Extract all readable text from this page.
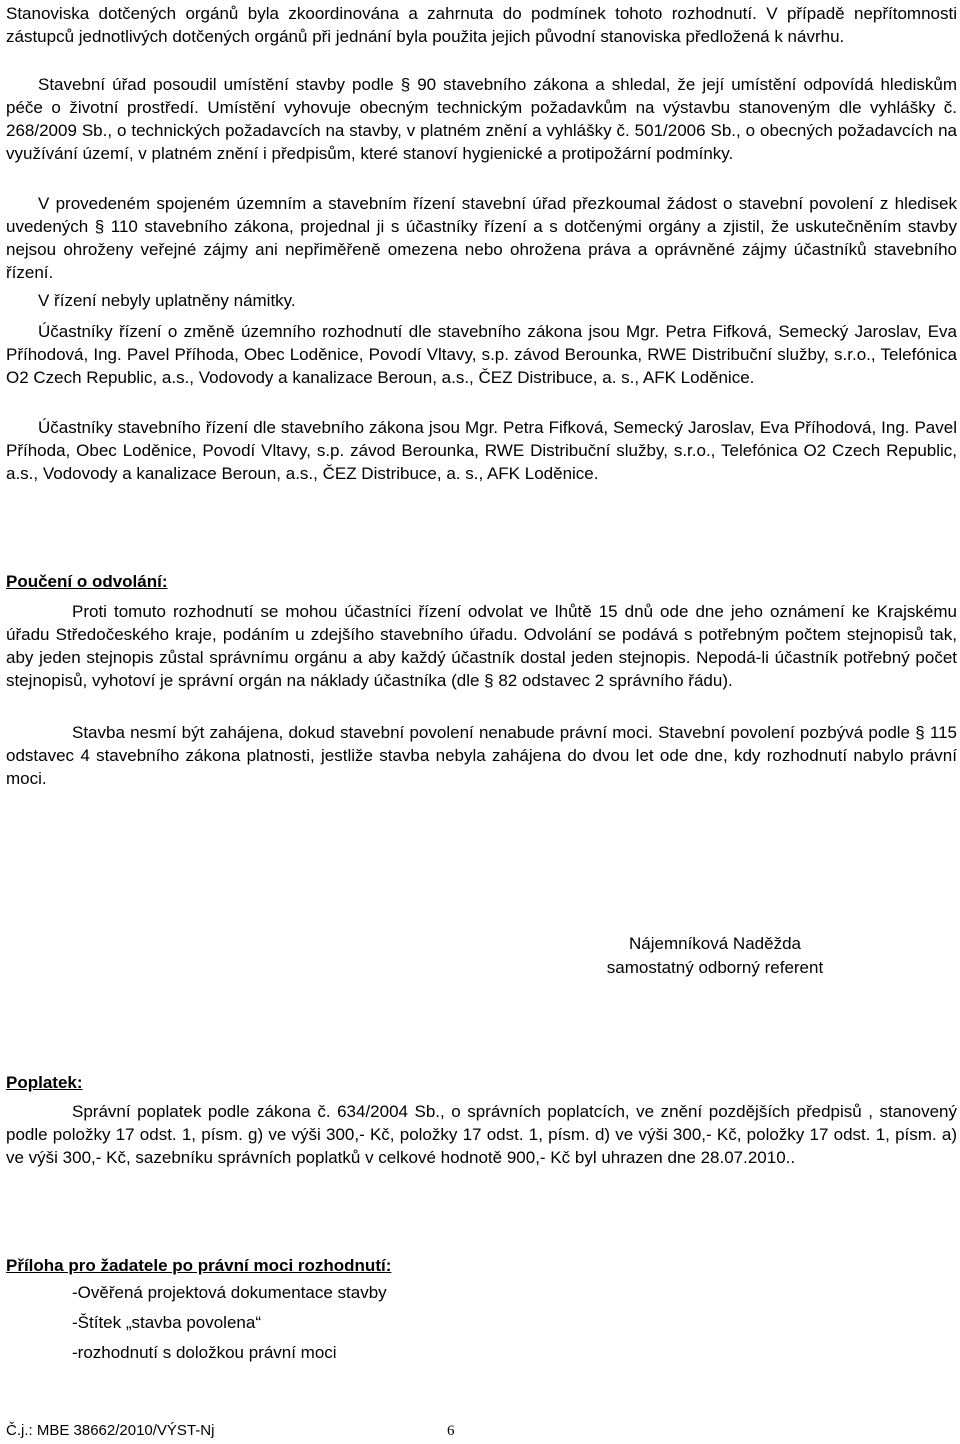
Stanoviska dotčených orgánů byla zkoordinována a zahrnuta do podmínek tohoto rozhodnutí. V případě nepřítomnosti zástupců jednotlivých dotčených orgánů při jednání byla použita jejich původní stanoviska předložená k návrhu.

Stavební úřad posoudil umístění stavby podle § 90 stavebního zákona a shledal, že její umístění odpovídá hlediskům péče o životní prostředí. Umístění vyhovuje obecným technickým požadavkům na výstavbu stanoveným dle vyhlášky č. 268/2009 Sb., o technických požadavcích na stavby, v platném znění a vyhlášky č. 501/2006 Sb., o obecných požadavcích na využívání území, v platném znění i předpisům, které stanoví hygienické a protipožární podmínky.

V provedeném spojeném územním a stavebním řízení stavební úřad přezkoumal žádost o stavební povolení z hledisek uvedených § 110 stavebního zákona, projednal ji s účastníky řízení a s dotčenými orgány a zjistil, že uskutečněním stavby nejsou ohroženy veřejné zájmy ani nepřiměřeně omezena nebo ohrožena práva a oprávněné zájmy účastníků stavebního řízení.

V řízení nebyly uplatněny námitky.

Účastníky řízení o změně územního rozhodnutí dle stavebního zákona jsou Mgr. Petra Fifková, Semecký Jaroslav, Eva Příhodová, Ing. Pavel Příhoda, Obec Loděnice, Povodí Vltavy, s.p. závod Berounka, RWE Distribuční služby, s.r.o., Telefónica O2 Czech Republic, a.s., Vodovody a kanalizace Beroun, a.s., ČEZ Distribuce, a. s., AFK Loděnice.

Účastníky stavebního řízení dle stavebního zákona jsou Mgr. Petra Fifková, Semecký Jaroslav, Eva Příhodová, Ing. Pavel Příhoda, Obec Loděnice, Povodí Vltavy, s.p. závod Berounka, RWE Distribuční služby, s.r.o., Telefónica O2 Czech Republic, a.s., Vodovody a kanalizace Beroun, a.s., ČEZ Distribuce, a. s., AFK Loděnice.

Poučení o odvolání:

Proti tomuto rozhodnutí se mohou účastníci řízení odvolat ve lhůtě 15 dnů ode dne jeho oznámení ke Krajskému úřadu Středočeského kraje, podáním u zdejšího stavebního úřadu. Odvolání se podává s potřebným počtem stejnopisů tak, aby jeden stejnopis zůstal správnímu orgánu a aby každý účastník dostal jeden stejnopis. Nepodá-li účastník potřebný počet stejnopisů, vyhotoví je správní orgán na náklady účastníka (dle § 82 odstavec 2 správního řádu).

Stavba nesmí být zahájena, dokud stavební povolení nenabude právní moci. Stavební povolení pozbývá podle § 115 odstavec 4 stavebního zákona platnosti, jestliže stavba nebyla zahájena do dvou let ode dne, kdy rozhodnutí nabylo právní moci.

Nájemníková Naděžda

samostatný odborný referent

Poplatek:

Správní poplatek podle zákona č. 634/2004 Sb., o správních poplatcích, ve znění pozdějších předpisů , stanovený podle položky 17 odst. 1, písm. g) ve výši 300,- Kč, položky 17 odst. 1, písm. d) ve výši 300,- Kč, položky 17 odst. 1, písm. a) ve výši 300,- Kč, sazebníku správních poplatků v celkové hodnotě 900,- Kč byl uhrazen dne 28.07.2010..

Příloha pro žadatele po právní moci rozhodnutí:

-Ověřená projektová dokumentace stavby
-Štítek „stavba povolena“
-rozhodnutí s doložkou právní moci
Č.j.: MBE 38662/2010/VÝST-Nj	6
